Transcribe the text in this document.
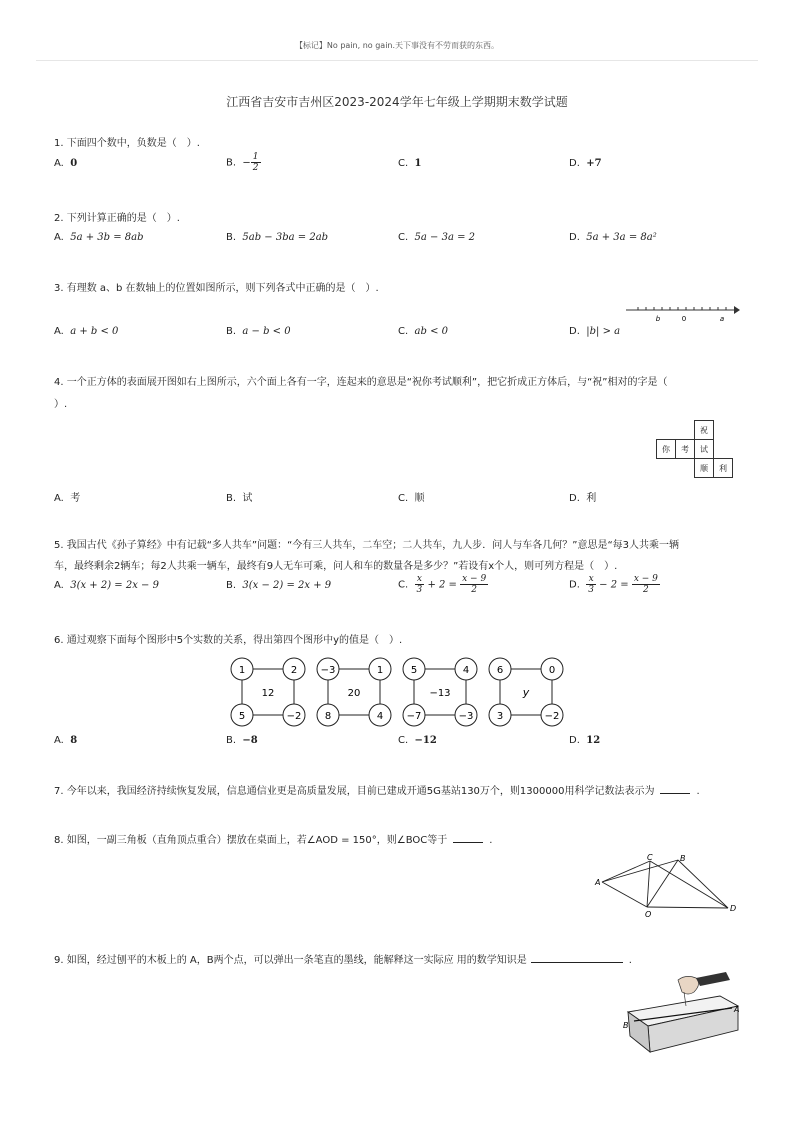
【标记】No pain, no gain.天下事没有不劳而获的东西。
江西省吉安市吉州区2023-2024学年七年级上学期期末数学试题
1. 下面四个数中，负数是（　）.
A. 0	B. − $\frac{1}{2}$	C. 1	D. +7
2. 下列计算正确的是（　）.
A. 5a + 3b = 8ab	B. 5ab − 3ba = 2ab	C. 5a − 3a = 2	D. 5a + 3a = 8a²
3. 有理数 a、b 在数轴上的位置如图所示，则下列各式中正确的是（　）.
b	0	a
A. a + b < 0	B. a − b < 0	C. ab < 0	D. |b| > a
4. 一个正方体的表面展开图如右上图所示，六个面上各有一字，连起来的意思是“祝你考试顺利”，把它折成正方体后，与“祝”相对的字是（
）.
		祝	
你	考	试	
		顺	利
A. 考	B. 试	C. 顺	D. 利
5. 我国古代《孙子算经》中有记载“多人共车”问题：“今有三人共车，二车空；二人共车，九人步．问人与车各几何？”意思是“每3人共乘一辆
车，最终剩余2辆车；每2人共乘一辆车，最终有9人无车可乘，问人和车的数量各是多少？”若设有x个人，则可列方程是（　）.
A. 3(x + 2) = 2x − 9	B. 3(x − 2) = 2x + 9	C. $\frac{x}{3} + 2 = \frac{x - 9}{2}$	D. $\frac{x}{3} - 2 = \frac{x - 9}{2}$
6. 通过观察下面每个图形中5个实数的关系，得出第四个图形中y的值是（　）.
1	2
12
5	−2
−3	1
20
8	4
5	4
−13
−7	−3
6	0
y
3	−2
A. 8	B. −8	C. −12	D. 12
7. 今年以来，我国经济持续恢复发展，信息通信业更是高质量发展，目前已建成开通5G基站130万个，则1300000用科学记数法表示为	.
8. 如图，一副三角板（直角顶点重合）摆放在桌面上，若∠AOD = 150°，则∠BOC等于	.
A
B
C
D
O
9. 如图，经过刨平的木板上的 A，B两个点，可以弹出一条笔直的墨线，能解释这一实际应 用的数学知识是	.
A
B
